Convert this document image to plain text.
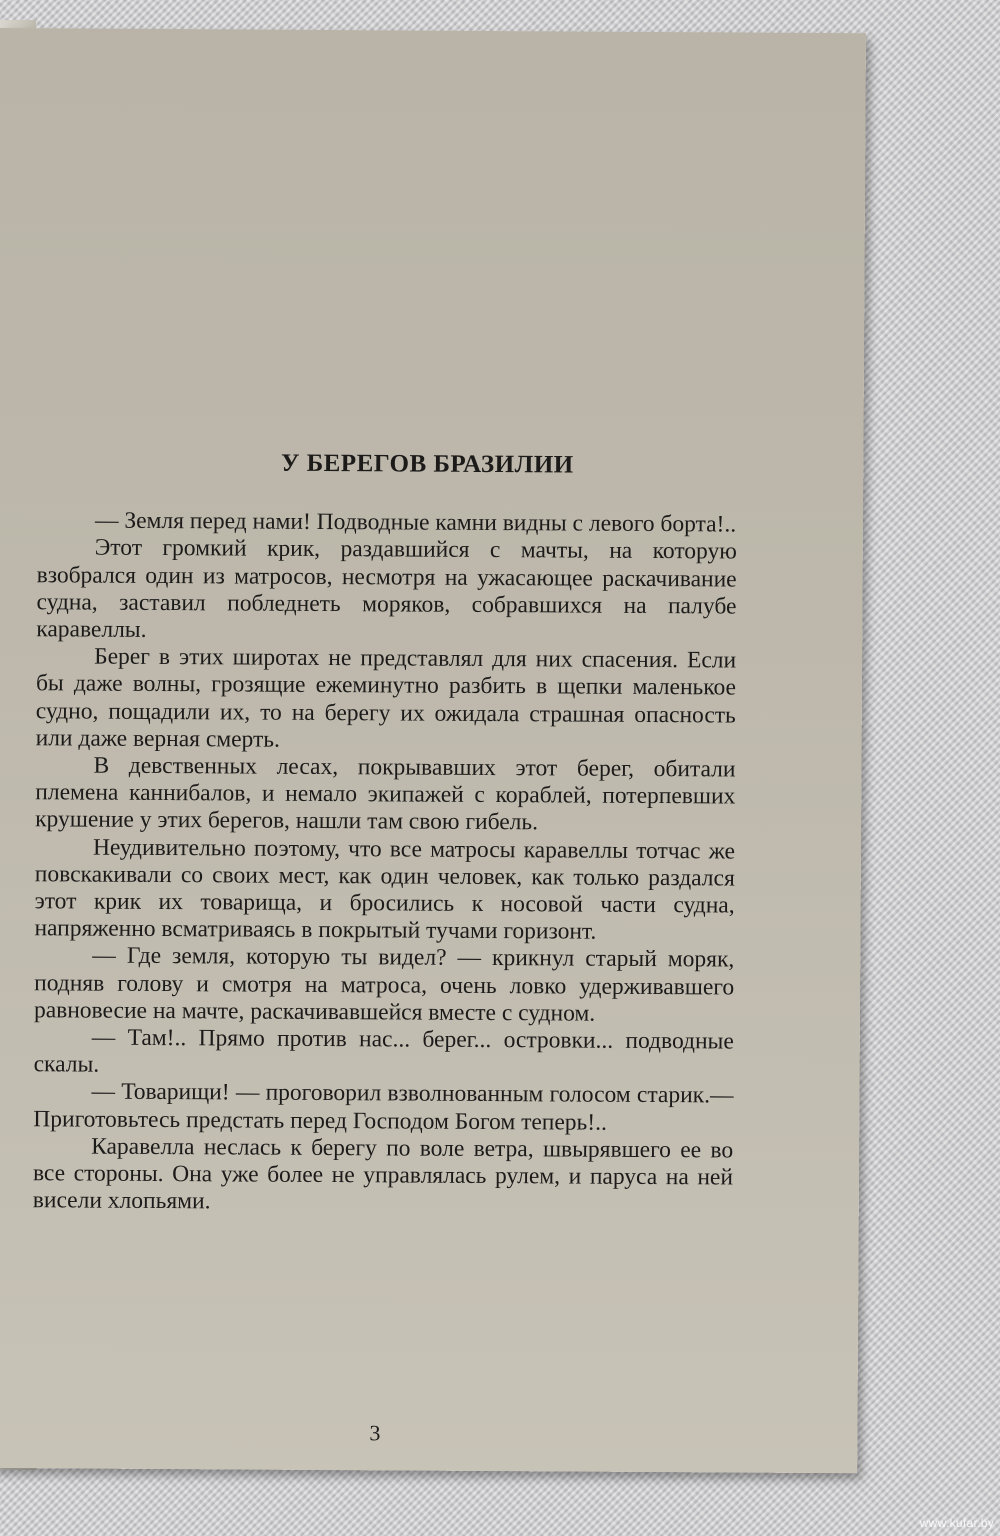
У БЕРЕГОВ БРАЗИЛИИ

— Земля перед нами! Подводные камни видны с левого борта!..

Этот громкий крик, раздавшийся с мачты, на которую взобрался один из матросов, несмотря на ужасающее раскачивание судна, заставил побледнеть моряков, собравшихся на палубе каравеллы.

Берег в этих широтах не представлял для них спасения. Если бы даже волны, грозящие ежеминутно разбить в щепки маленькое судно, пощадили их, то на берегу их ожидала страшная опасность или даже верная смерть.

В девственных лесах, покрывавших этот берег, обитали племена каннибалов, и немало экипажей с кораблей, потерпевших крушение у этих берегов, нашли там свою гибель.

Неудивительно поэтому, что все матросы каравеллы тотчас же повскакивали со своих мест, как один человек, как только раздался этот крик их товарища, и бросились к носовой части судна, напряженно всматриваясь в покрытый тучами горизонт.

— Где земля, которую ты видел? — крикнул старый моряк, подняв голову и смотря на матроса, очень ловко удерживавшего равновесие на мачте, раскачивавшейся вместе с судном.

— Там!.. Прямо против нас... берег... островки... подводные скалы.

— Товарищи! — проговорил взволнованным голосом старик.— Приготовьтесь предстать перед Господом Богом теперь!..

Каравелла неслась к берегу по воле ветра, швырявшего ее во все стороны. Она уже более не управлялась рулем, и паруса на ней висели хлопьями.

3
www.kufar.by
